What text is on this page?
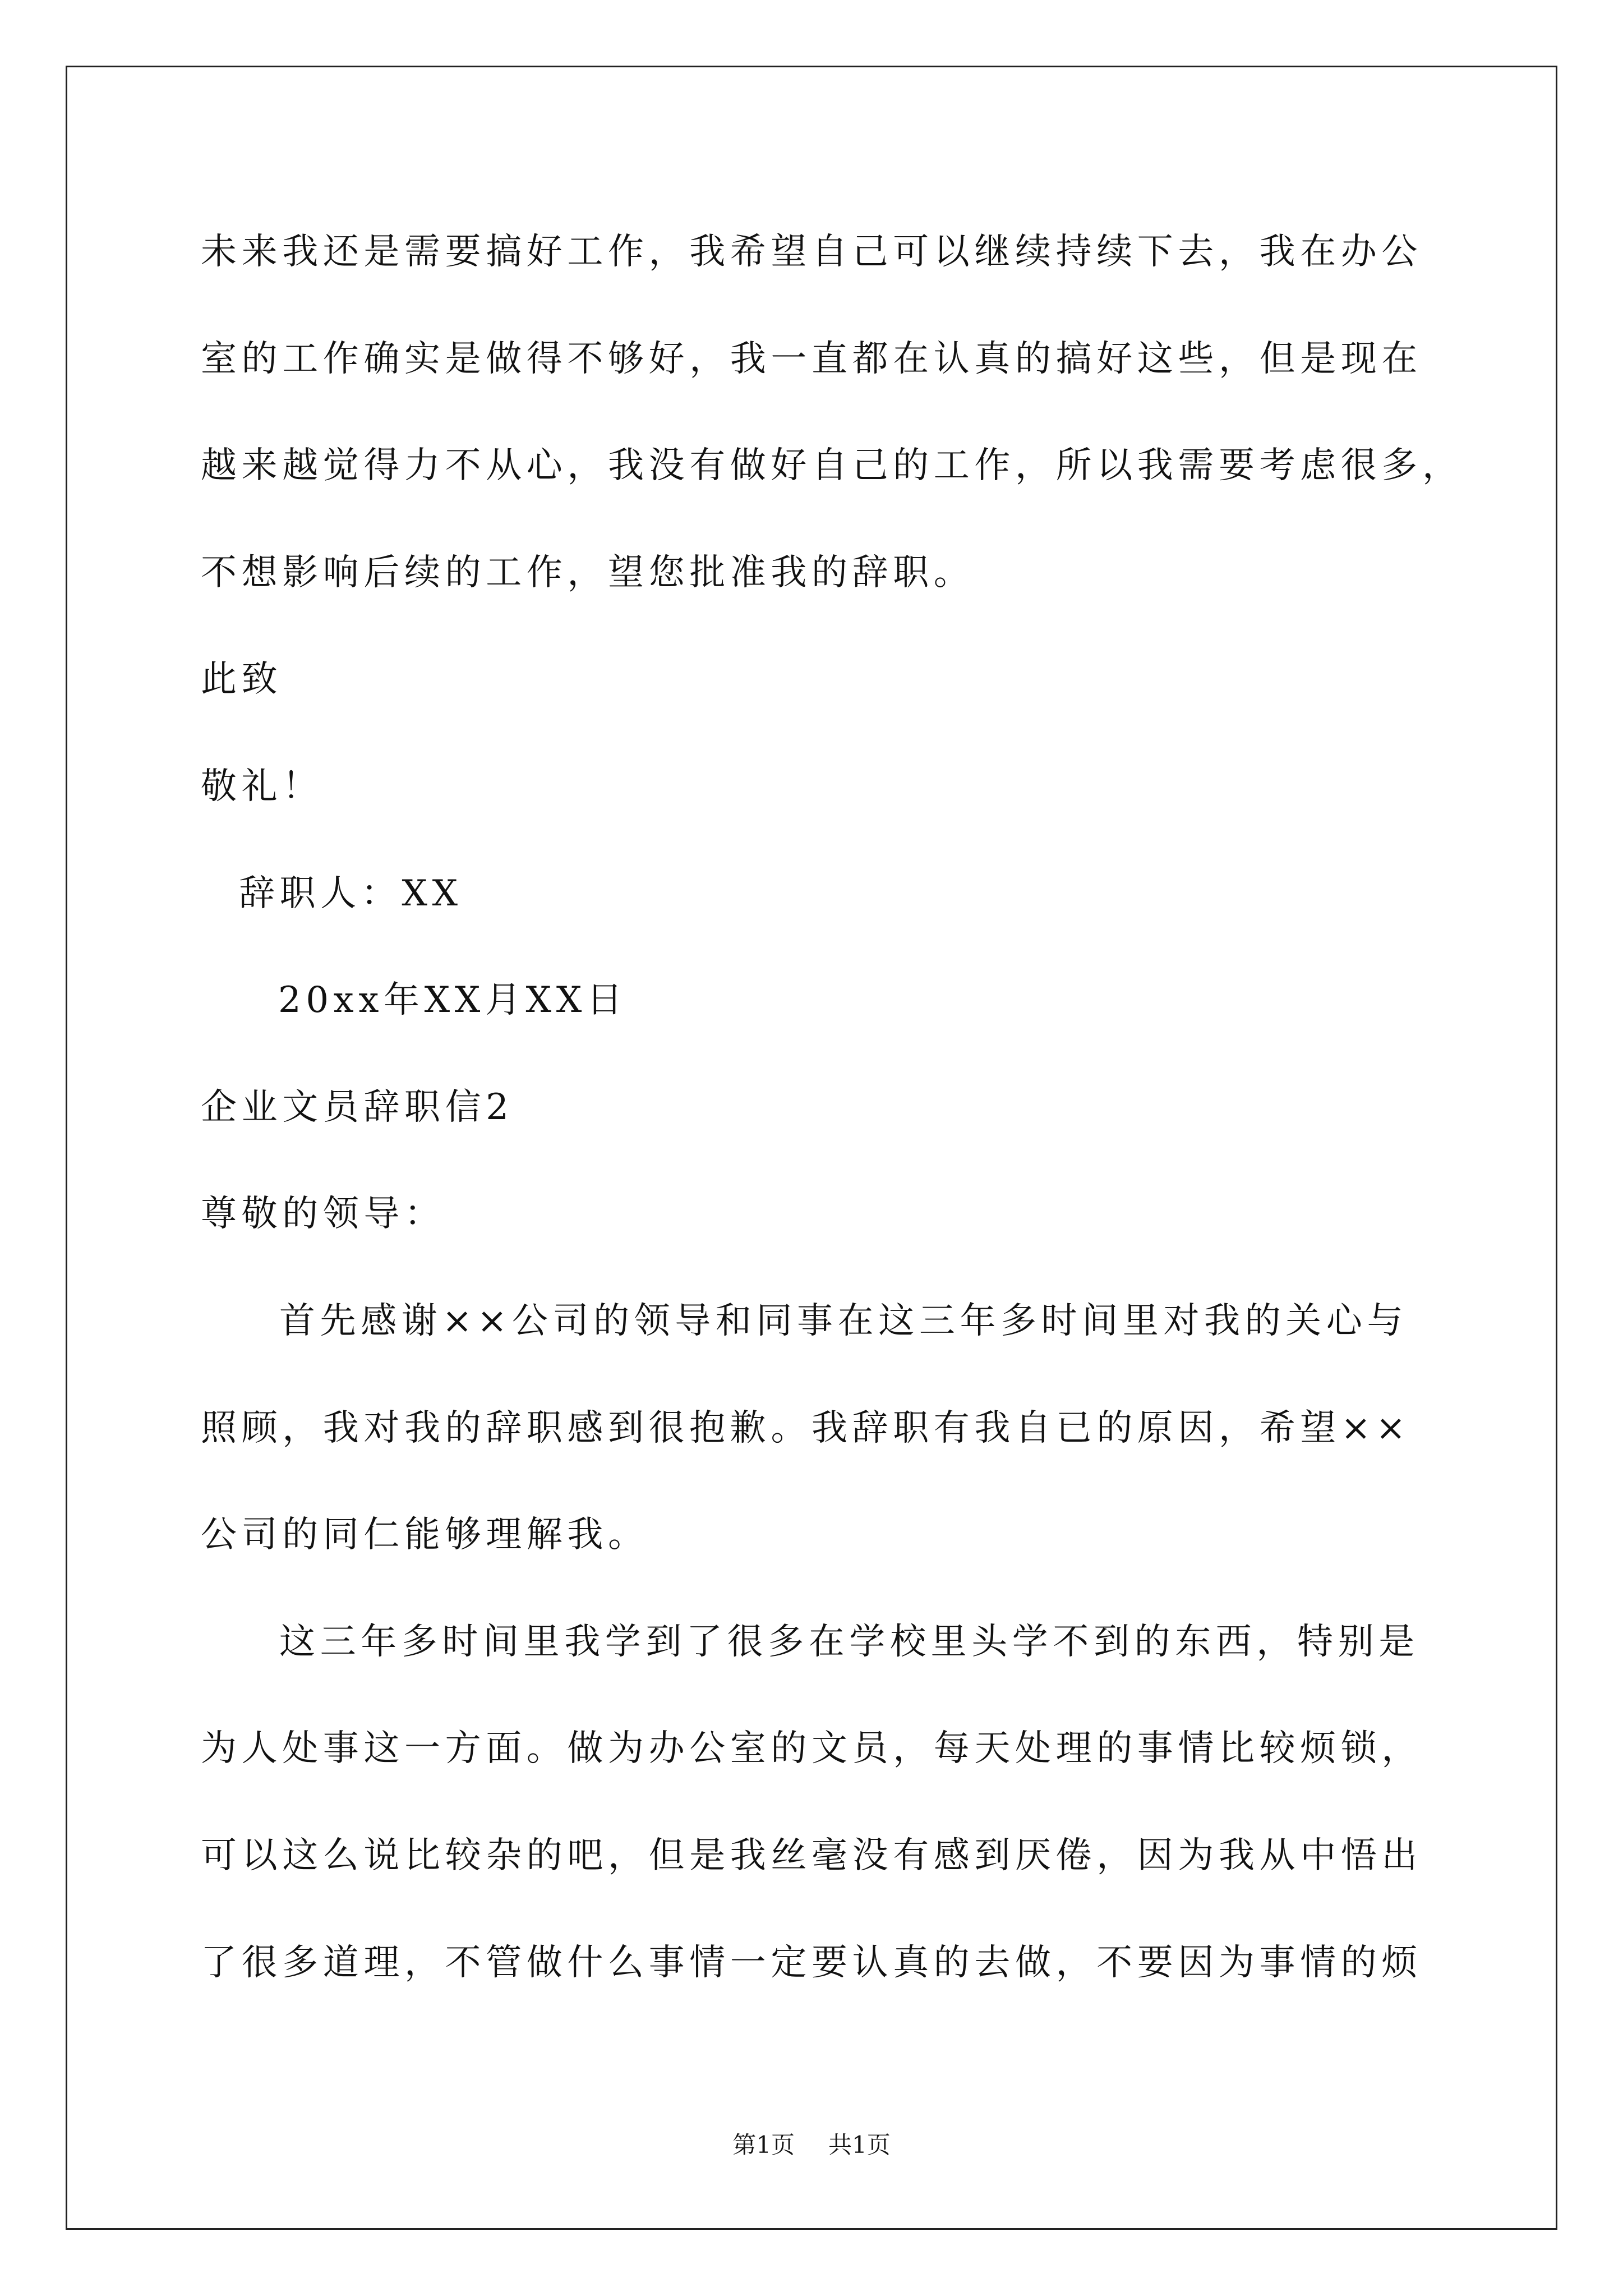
未来我还是需要搞好工作，我希望自己可以继续持续下去，我在办公
室的工作确实是做得不够好，我一直都在认真的搞好这些，但是现在
越来越觉得力不从心，我没有做好自己的工作，所以我需要考虑很多，
不想影响后续的工作，望您批准我的辞职。
此致
敬礼！
辞职人：XX
20xx年XX月XX日
企业文员辞职信2
尊敬的领导：
首先感谢××公司的领导和同事在这三年多时间里对我的关心与
照顾，我对我的辞职感到很抱歉。我辞职有我自已的原因，希望××
公司的同仁能够理解我。
这三年多时间里我学到了很多在学校里头学不到的东西，特别是
为人处事这一方面。做为办公室的文员，每天处理的事情比较烦锁，
可以这么说比较杂的吧，但是我丝毫没有感到厌倦，因为我从中悟出
了很多道理，不管做什么事情一定要认真的去做，不要因为事情的烦
第1页 共1页
